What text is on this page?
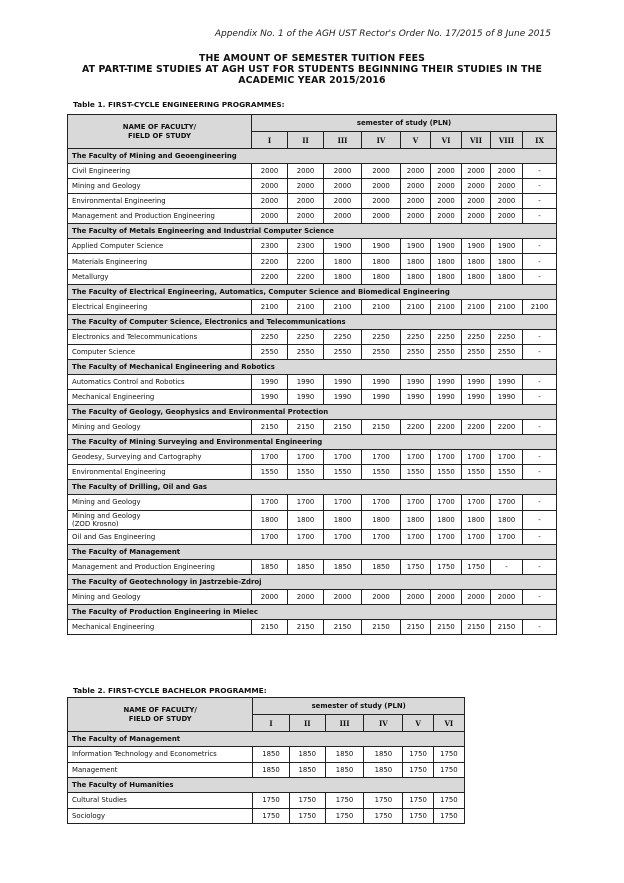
Appendix No. 1 of the AGH UST Rector's Order No. 17/2015 of 8 June 2015
THE AMOUNT OF SEMESTER TUITION FEES
AT PART-TIME STUDIES AT AGH UST FOR STUDENTS BEGINNING THEIR STUDIES IN THE
ACADEMIC YEAR 2015/2016
Table 1. FIRST-CYCLE ENGINEERING PROGRAMMES:
NAME OF FACULTY/
FIELD OF STUDY	semester of study (PLN)								
	I	II	III	IV	V	VI	VII	VIII	IX
The Faculty of Mining and Geoengineering									
Civil Engineering	2000	2000	2000	2000	2000	2000	2000	2000	-
Mining and Geology	2000	2000	2000	2000	2000	2000	2000	2000	-
Environmental Engineering	2000	2000	2000	2000	2000	2000	2000	2000	-
Management and Production Engineering	2000	2000	2000	2000	2000	2000	2000	2000	-
The Faculty of Metals Engineering and Industrial Computer Science									
Applied Computer Science	2300	2300	1900	1900	1900	1900	1900	1900	-
Materials Engineering	2200	2200	1800	1800	1800	1800	1800	1800	-
Metallurgy	2200	2200	1800	1800	1800	1800	1800	1800	-
The Faculty of Electrical Engineering, Automatics, Computer Science and Biomedical Engineering									
Electrical Engineering	2100	2100	2100	2100	2100	2100	2100	2100	2100
The Faculty of Computer Science, Electronics and Telecommunications									
Electronics and Telecommunications	2250	2250	2250	2250	2250	2250	2250	2250	-
Computer Science	2550	2550	2550	2550	2550	2550	2550	2550	-
The Faculty of Mechanical Engineering and Robotics									
Automatics Control and Robotics	1990	1990	1990	1990	1990	1990	1990	1990	-
Mechanical Engineering	1990	1990	1990	1990	1990	1990	1990	1990	-
The Faculty of Geology, Geophysics and Environmental Protection									
Mining and Geology	2150	2150	2150	2150	2200	2200	2200	2200	-
The Faculty of Mining Surveying and Environmental Engineering									
Geodesy, Surveying and Cartography	1700	1700	1700	1700	1700	1700	1700	1700	-
Environmental Engineering	1550	1550	1550	1550	1550	1550	1550	1550	-
The Faculty of Drilling, Oil and Gas									
Mining and Geology	1700	1700	1700	1700	1700	1700	1700	1700	-
Mining and Geology
(ZOD Krosno)	1800	1800	1800	1800	1800	1800	1800	1800	-
Oil and Gas Engineering	1700	1700	1700	1700	1700	1700	1700	1700	-
The Faculty of Management									
Management and Production Engineering	1850	1850	1850	1850	1750	1750	1750	-	-
The Faculty of Geotechnology in Jastrzebie-Zdroj									
Mining and Geology	2000	2000	2000	2000	2000	2000	2000	2000	-
The Faculty of Production Engineering in Mielec									
Mechanical Engineering	2150	2150	2150	2150	2150	2150	2150	2150	-
Table 2. FIRST-CYCLE BACHELOR PROGRAMME:
NAME OF FACULTY/
FIELD OF STUDY	semester of study (PLN)					
	I	II	III	IV	V	VI
The Faculty of Management						
Information Technology and Econometrics	1850	1850	1850	1850	1750	1750
Management	1850	1850	1850	1850	1750	1750
The Faculty of Humanities						
Cultural Studies	1750	1750	1750	1750	1750	1750
Sociology	1750	1750	1750	1750	1750	1750
